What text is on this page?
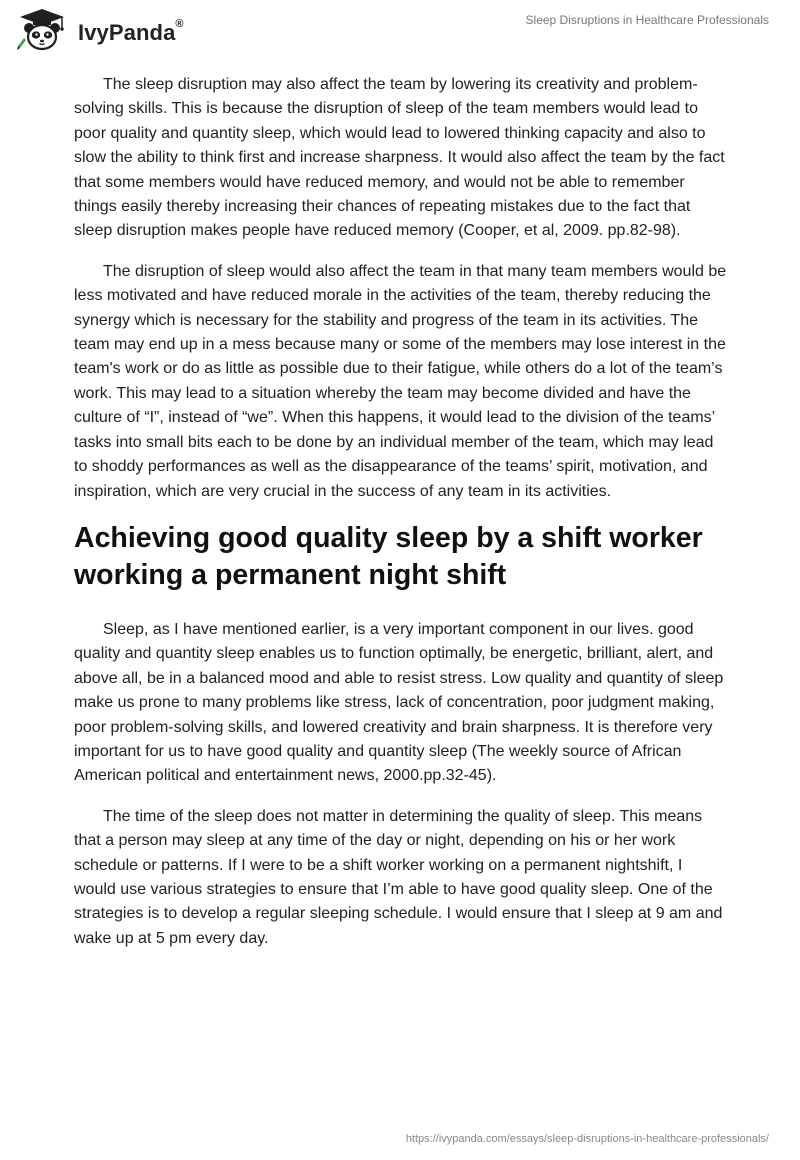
IvyPanda®	Sleep Disruptions in Healthcare Professionals

The sleep disruption may also affect the team by lowering its creativity and problem-solving skills. This is because the disruption of sleep of the team members would lead to poor quality and quantity sleep, which would lead to lowered thinking capacity and also to slow the ability to think first and increase sharpness. It would also affect the team by the fact that some members would have reduced memory, and would not be able to remember things easily thereby increasing their chances of repeating mistakes due to the fact that sleep disruption makes people have reduced memory (Cooper, et al, 2009. pp.82-98).

The disruption of sleep would also affect the team in that many team members would be less motivated and have reduced morale in the activities of the team, thereby reducing the synergy which is necessary for the stability and progress of the team in its activities. The team may end up in a mess because many or some of the members may lose interest in the team's work or do as little as possible due to their fatigue, while others do a lot of the team’s work. This may lead to a situation whereby the team may become divided and have the culture of “I”, instead of “we”. When this happens, it would lead to the division of the teams’ tasks into small bits each to be done by an individual member of the team, which may lead to shoddy performances as well as the disappearance of the teams’ spirit, motivation, and inspiration, which are very crucial in the success of any team in its activities.

Achieving good quality sleep by a shift worker working a permanent night shift

Sleep, as I have mentioned earlier, is a very important component in our lives. good quality and quantity sleep enables us to function optimally, be energetic, brilliant, alert, and above all, be in a balanced mood and able to resist stress. Low quality and quantity of sleep make us prone to many problems like stress, lack of concentration, poor judgment making, poor problem-solving skills, and lowered creativity and brain sharpness. It is therefore very important for us to have good quality and quantity sleep (The weekly source of African American political and entertainment news, 2000.pp.32-45).

The time of the sleep does not matter in determining the quality of sleep. This means that a person may sleep at any time of the day or night, depending on his or her work schedule or patterns. If I were to be a shift worker working on a permanent nightshift, I would use various strategies to ensure that I’m able to have good quality sleep. One of the strategies is to develop a regular sleeping schedule. I would ensure that I sleep at 9 am and wake up at 5 pm every day.

https://ivypanda.com/essays/sleep-disruptions-in-healthcare-professionals/
